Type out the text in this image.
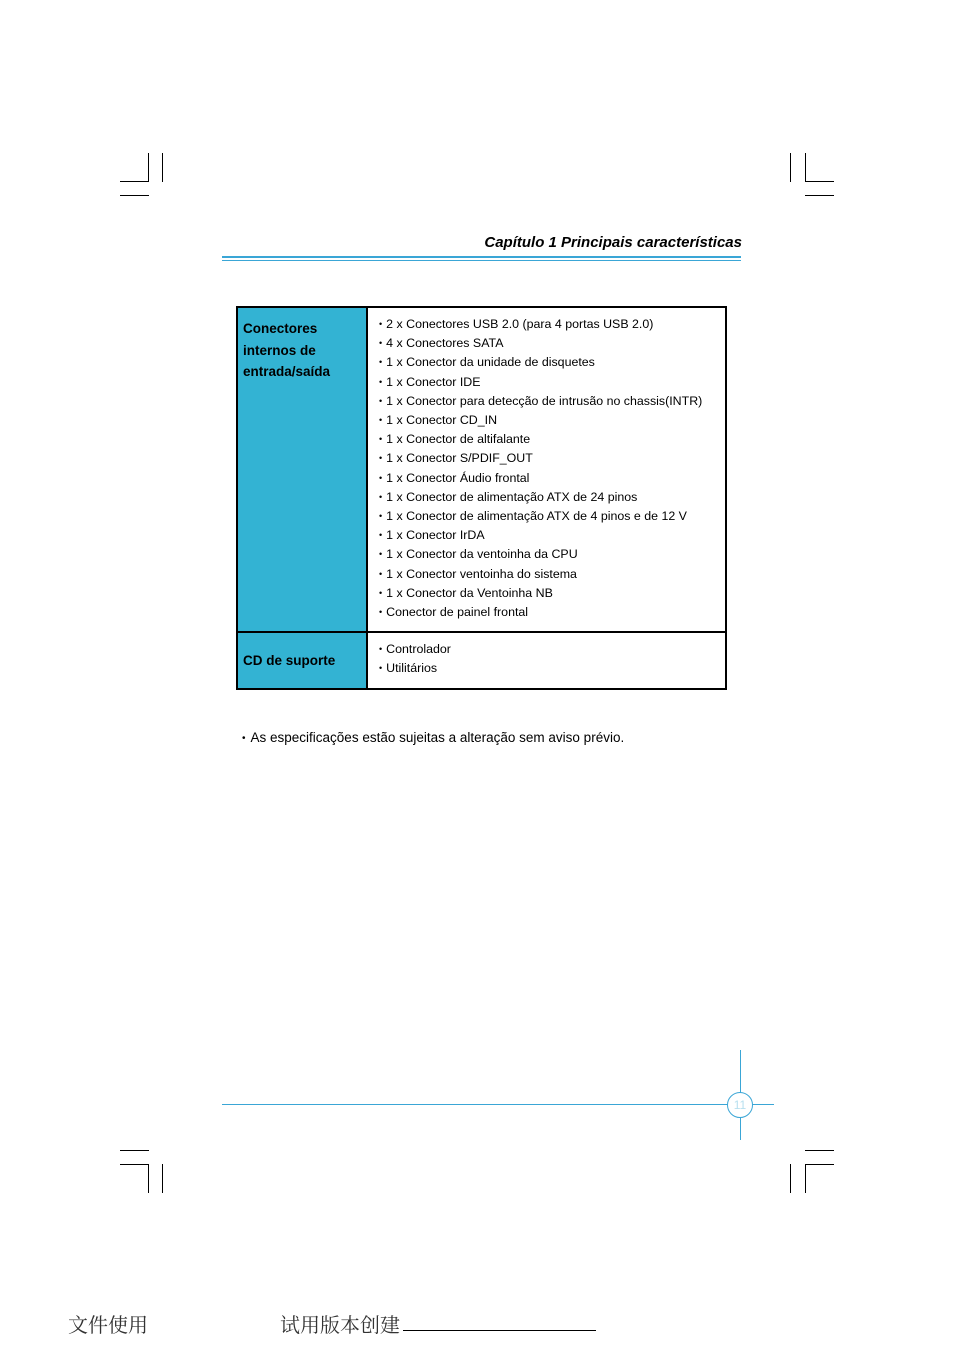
Capítulo 1 Principais características
Conectores internos de entrada/saída
• 2 x Conectores USB 2.0 (para 4 portas USB 2.0)
• 4 x Conectores SATA
• 1 x Conector da unidade de disquetes
• 1 x Conector IDE
• 1 x Conector para detecção de intrusão no chassis(INTR)
• 1 x Conector CD_IN
• 1 x Conector de altifalante
• 1 x Conector S/PDIF_OUT
• 1 x Conector Áudio frontal
• 1 x Conector de alimentação ATX de 24 pinos
• 1 x Conector de alimentação ATX de 4 pinos e de 12 V
• 1 x Conector IrDA
• 1 x Conector da ventoinha da CPU
• 1 x Conector ventoinha do sistema
• 1 x Conector da Ventoinha NB
• Conector de painel frontal
CD de suporte
• Controlador
• Utilitários
• As especificações estão sujeitas a alteração sem aviso prévio.
11
文件使用	试用版本创建
